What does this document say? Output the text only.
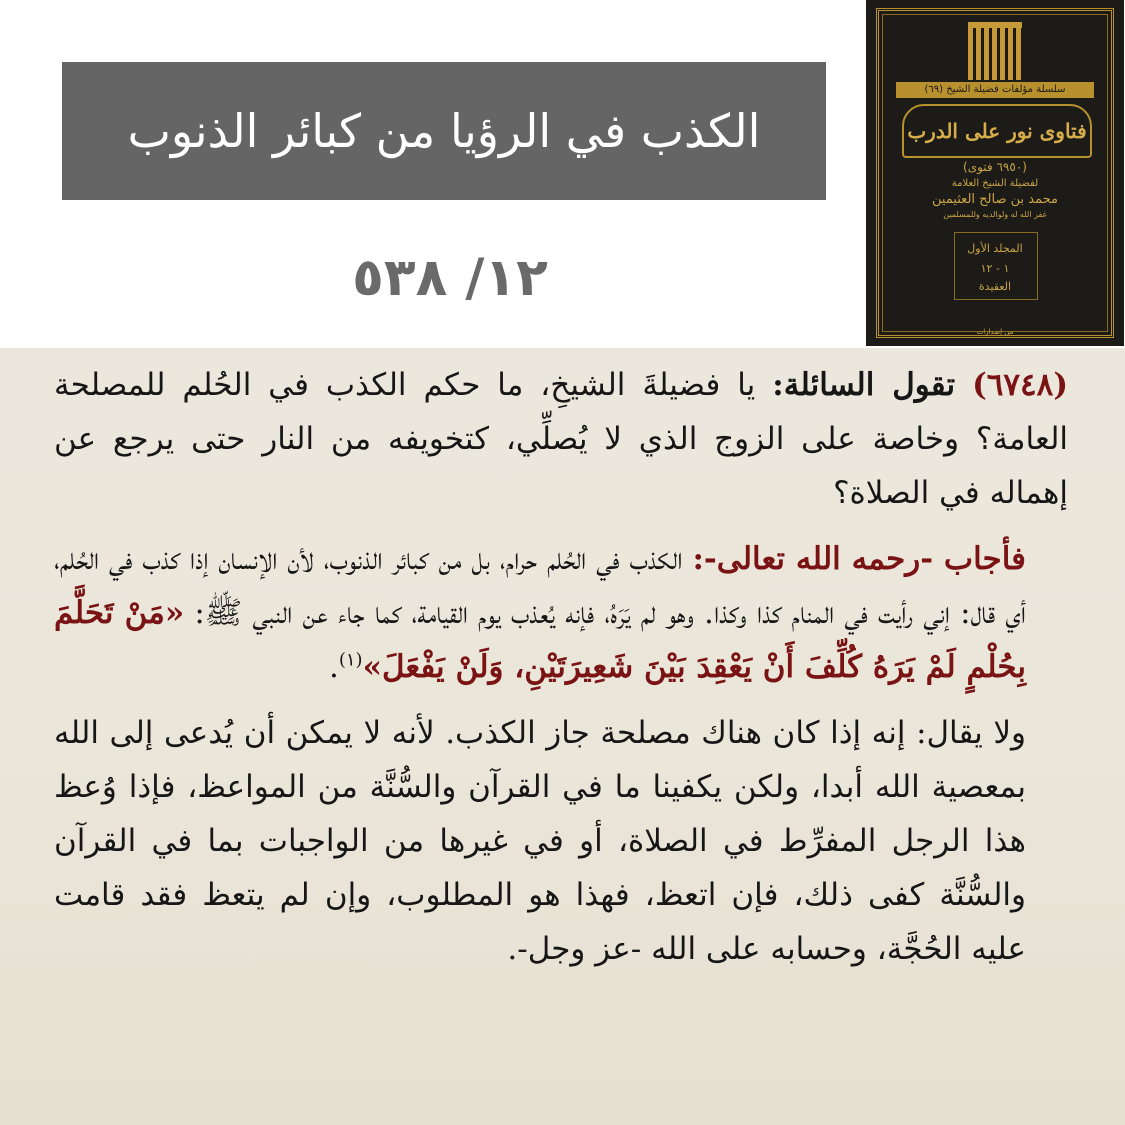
الكذب في الرؤيا من كبائر الذنوب
١٢/ ٥٣٨
سلسلة مؤلفات فضيلة الشيخ (٦٩)
فتاوى نور على الدرب
(٦٩٥٠ فتوى)
لفضيلة الشيخ العلامة
محمد بن صالح العثيمين
غفر الله له ولوالديه وللمسلمين
المجلد الأول
١ - ١٢
العقيدة
من إصدارات

(٦٧٤٨) تقول السائلة: يا فضيلةَ الشيخِ، ما حكم الكذب في الحُلم للمصلحة العامة؟ وخاصة على الزوج الذي لا يُصلِّي، كتخويفه من النار حتى يرجع عن إهماله في الصلاة؟

فأجاب -رحمه الله تعالى-: الكذب في الحُلم حرام، بل من كبائر الذنوب، لأن الإنسان إذا كذب في الحُلم، أي قال: إني رأيت في المنام كذا وكذا. وهو لم يَرَهُ، فإنه يُعذب يوم القيامة، كما جاء عن النبي ﷺ: «مَنْ تَحَلَّمَ بِحُلْمٍ لَمْ يَرَهُ كُلِّفَ أَنْ يَعْقِدَ بَيْنَ شَعِيرَتَيْنِ، وَلَنْ يَفْعَلَ»$^{(١)}$.

ولا يقال: إنه إذا كان هناك مصلحة جاز الكذب. لأنه لا يمكن أن يُدعى إلى الله بمعصية الله أبدا، ولكن يكفينا ما في القرآن والسُّنَّة من المواعظ، فإذا وُعظ هذا الرجل المفرِّط في الصلاة، أو في غيرها من الواجبات بما في القرآن والسُّنَّة كفى ذلك، فإن اتعظ، فهذا هو المطلوب، وإن لم يتعظ فقد قامت عليه الحُجَّة، وحسابه على الله -عز وجل-.
